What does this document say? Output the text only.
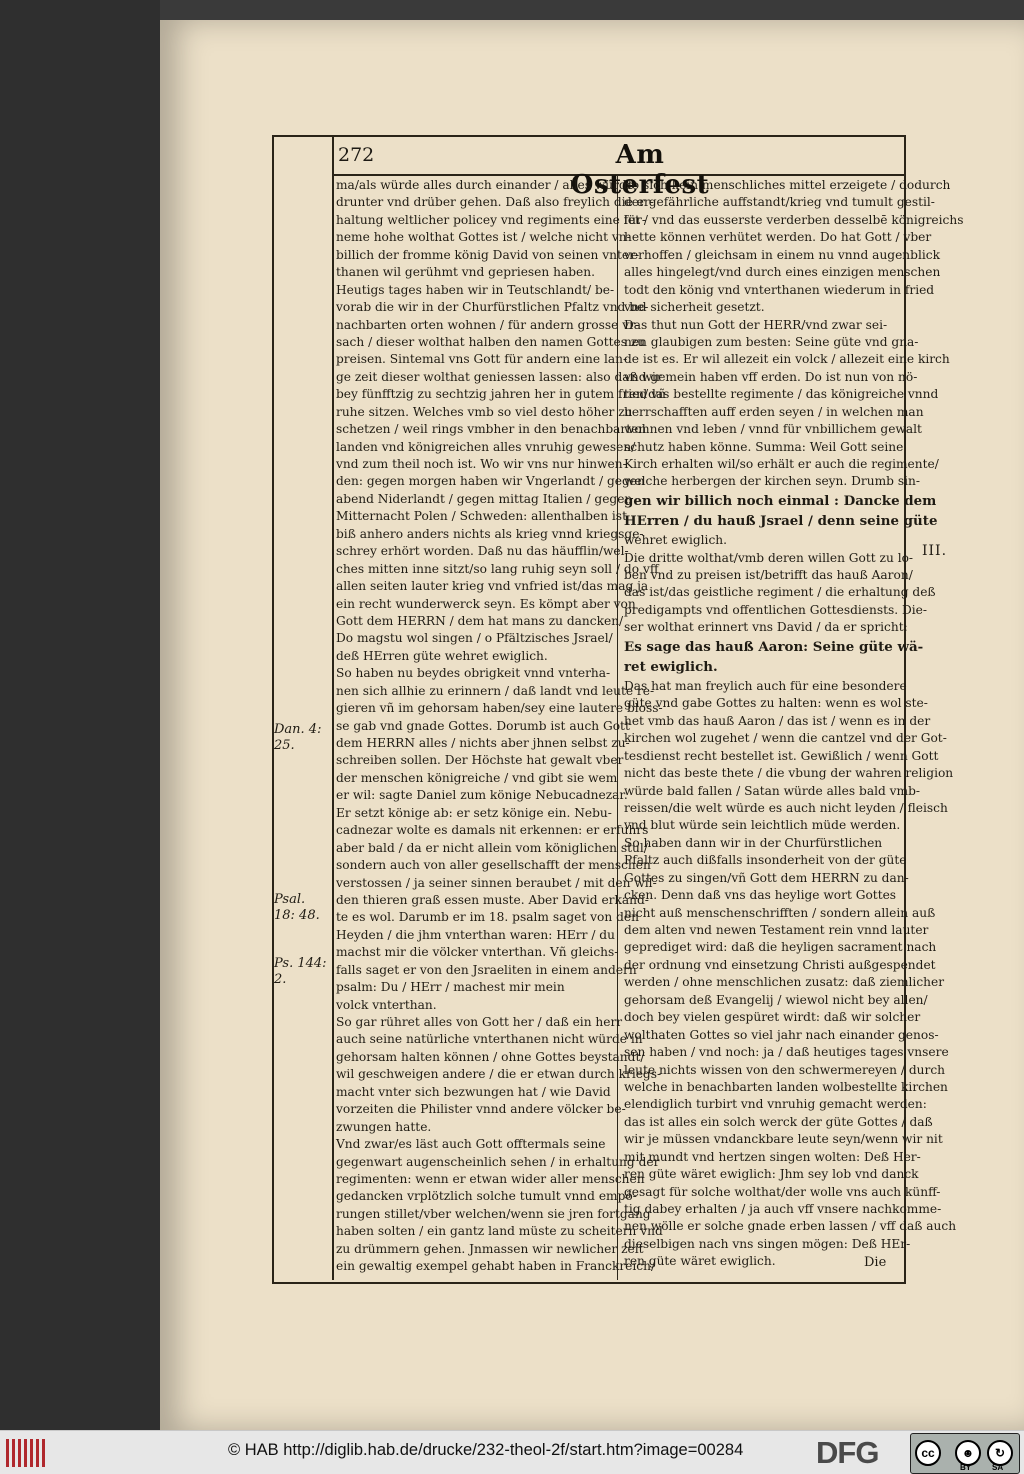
272	Am Osterfest
ma/als würde alles durch einander / alles würde
drunter vnd drüber gehen. Daß also freylich die er-
haltung weltlicher policey vnd regiments eine für-
neme hohe wolthat Gottes ist / welche nicht vn-
billich der fromme könig David von seinen vnter-
thanen wil gerühmt vnd gepriesen haben.
Heutigs tages haben wir in Teutschlandt/ be-
vorab die wir in der Churfürstlichen Pfaltz vnd be-
nachbarten orten wohnen / für andern grosse vr-
sach / dieser wolthat halben den namen Gottes zu
preisen. Sintemal vns Gott für andern eine lan-
ge zeit dieser wolthat geniessen lassen: also daß wir
bey fünfftzig zu sechtzig jahren her in gutem fried vñ
ruhe sitzen. Welches vmb so viel desto höher zu
schetzen / weil rings vmbher in den benachbarten
landen vnd königreichen alles vnruhig gewesen/
vnd zum theil noch ist. Wo wir vns nur hinwen-
den: gegen morgen haben wir Vngerlandt / gegen
abend Niderlandt / gegen mittag Italien / gegen
Mitternacht Polen / Schweden: allenthalben ist
biß anhero anders nichts als krieg vnnd kriegsge-
schrey erhört worden. Daß nu das häufflin/wel-
ches mitten inne sitzt/so lang ruhig seyn soll / do vff
allen seiten lauter krieg vnd vnfried ist/das mag ja
ein recht wunderwerck seyn. Es kömpt aber von
Gott dem HERRN / dem hat mans zu dancken/
Do magstu wol singen / o Pfältzisches Jsrael/
deß HErren güte wehret ewiglich.
So haben nu beydes obrigkeit vnnd vnterha-
nen sich allhie zu erinnern / daß landt vnd leute re-
gieren vñ im gehorsam haben/sey eine lautere bloss-
se gab vnd gnade Gottes. Dorumb ist auch Gott
dem HERRN alles / nichts aber jhnen selbst zu-
schreiben sollen. Der Höchste hat gewalt vber
der menschen königreiche / vnd gibt sie wem
er wil: sagte Daniel zum könige Nebucadnezar.
Er setzt könige ab: er setz könige ein. Nebu-
cadnezar wolte es damals nit erkennen: er erfuhrs
aber bald / da er nicht allein vom königlichen stul/
sondern auch von aller gesellschafft der menschen
verstossen / ja seiner sinnen beraubet / mit den wil-
den thieren graß essen muste. Aber David erkand-
te es wol. Darumb er im 18. psalm saget von den
Heyden / die jhm vnterthan waren: HErr / du
machst mir die völcker vnterthan. Vñ gleichs-
falls saget er von den Jsraeliten in einem andern
psalm: Du / HErr / machest mir mein
volck vnterthan.
So gar rühret alles von Gott her / daß ein herr
auch seine natürliche vnterthanen nicht würde in
gehorsam halten können / ohne Gottes beystandt/
wil geschweigen andere / die er etwan durch kriegs-
macht vnter sich bezwungen hat / wie David
vorzeiten die Philister vnnd andere völcker be-
zwungen hatte.
Vnd zwar/es läst auch Gott offtermals seine
gegenwart augenscheinlich sehen / in erhaltung der
regimenten: wenn er etwan wider aller menschen
gedancken vrplötzlich solche tumult vnnd empö-
rungen stillet/vber welchen/wenn sie jren fortgang
haben solten / ein gantz land müste zu scheitern vnd
zu drümmern gehen. Jnmassen wir newlicher zeit
ein gewaltig exempel gehabt haben in Franckreich/
do sich kein menschliches mittel erzeigete / dodurch
der gefährliche auffstandt/krieg vnd tumult gestil-
let / vnd das eusserste verderben desselbē königreichs
hette können verhütet werden. Do hat Gott / vber
verhoffen / gleichsam in einem nu vnnd augenblick
alles hingelegt/vnd durch eines einzigen menschen
todt den könig vnd vnterthanen wiederum in fried
vnd sicherheit gesetzt.
Das thut nun Gott der HERR/vnd zwar sei-
nen glaubigen zum besten: Seine güte vnd gna-
de ist es. Er wil allezeit ein volck / allezeit eine kirch
vnd gemein haben vff erden. Do ist nun von nö-
ten/das bestellte regimente / das königreiche vnnd
herrschafften auff erden seyen / in welchen man
wohnen vnd leben / vnnd für vnbillichem gewalt
schutz haben könne. Summa: Weil Gott seine
Kirch erhalten wil/so erhält er auch die regimente/
welche herbergen der kirchen seyn. Drumb sin-
gen wir billich noch einmal : Dancke dem
HErren / du hauß Jsrael / denn seine güte
wehret ewiglich.
Die dritte wolthat/vmb deren willen Gott zu lo-
ben vnd zu preisen ist/betrifft das hauß Aaron/
das ist/das geistliche regiment / die erhaltung deß
predigampts vnd offentlichen Gottesdiensts. Die-
ser wolthat erinnert vns David / da er spricht:
Es sage das hauß Aaron: Seine güte wä-
ret ewiglich.
Das hat man freylich auch für eine besondere
güte vnd gabe Gottes zu halten: wenn es wol ste-
het vmb das hauß Aaron / das ist / wenn es in der
kirchen wol zugehet / wenn die cantzel vnd der Got-
tesdienst recht bestellet ist. Gewißlich / wenn Gott
nicht das beste thete / die vbung der wahren religion
würde bald fallen / Satan würde alles bald vmb-
reissen/die welt würde es auch nicht leyden / fleisch
vnd blut würde sein leichtlich müde werden.
So haben dann wir in der Churfürstlichen
Pfaltz auch dißfalls insonderheit von der güte
Gottes zu singen/vñ Gott dem HERRN zu dan-
cken. Denn daß vns das heylige wort Gottes
nicht auß menschenschrifften / sondern allein auß
dem alten vnd newen Testament rein vnnd lauter
geprediget wird: daß die heyligen sacrament nach
der ordnung vnd einsetzung Christi außgespendet
werden / ohne menschlichen zusatz: daß ziemlicher
gehorsam deß Evangelij / wiewol nicht bey allen/
doch bey vielen gespüret wirdt: daß wir solcher
wolthaten Gottes so viel jahr nach einander genos-
sen haben / vnd noch: ja / daß heutiges tages vnsere
leute nichts wissen von den schwermereyen / durch
welche in benachbarten landen wolbestellte kirchen
elendiglich turbirt vnd vnruhig gemacht werden:
das ist alles ein solch werck der güte Gottes / daß
wir je müssen vndanckbare leute seyn/wenn wir nit
mit mundt vnd hertzen singen wolten: Deß Her-
ren güte wäret ewiglich: Jhm sey lob vnd danck
gesagt für solche wolthat/der wolle vns auch künff-
tig dabey erhalten / ja auch vff vnsere nachkomme-
nen wölle er solche gnade erben lassen / vff daß auch
dieselbigen nach vns singen mögen: Deß HEr-
ren güte wäret ewiglich.
Dan. 4: 25.
Psal. 18: 48.
Ps. 144: 2.
III.
Die
© HAB http://diglib.hab.de/drucke/232-theol-2f/start.htm?image=00284 DFG	cc	☻	↻
BY	SA
